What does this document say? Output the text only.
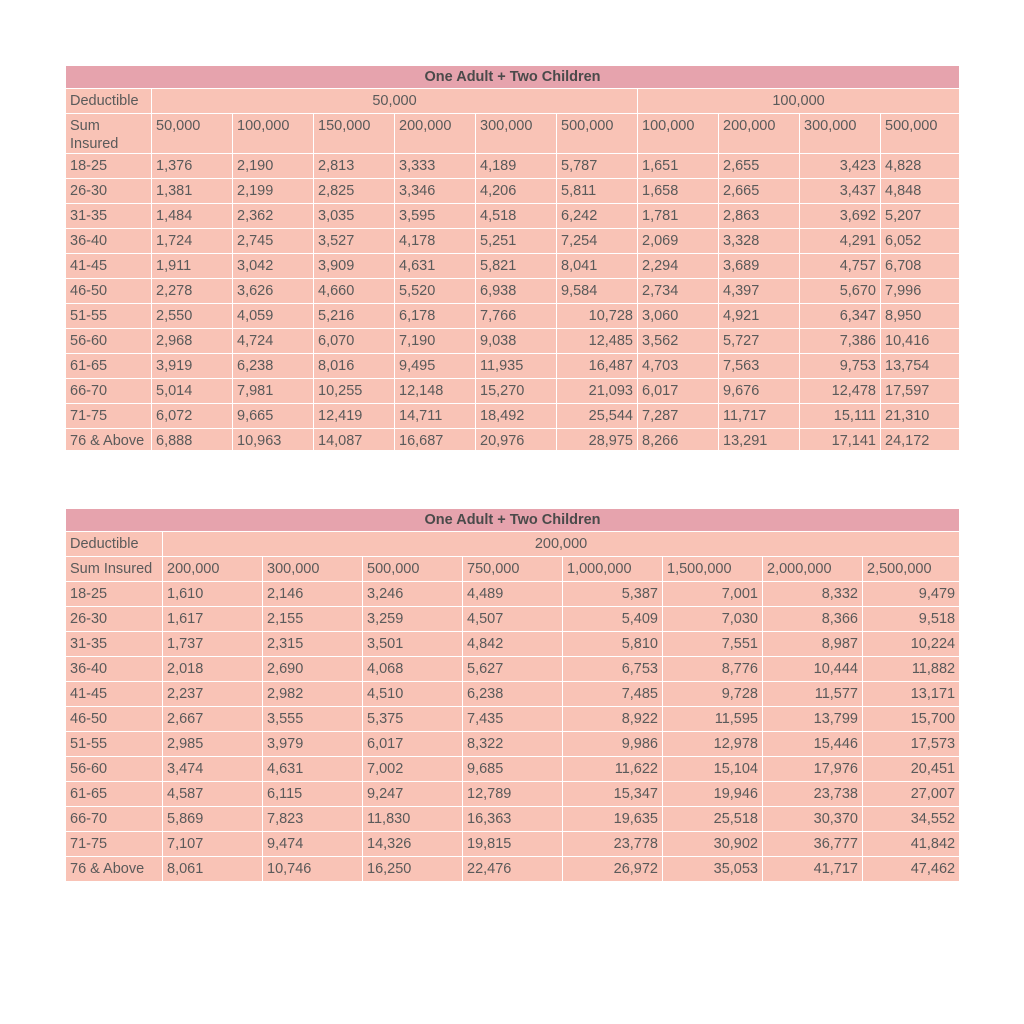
One Adult + Two Children										
Deductible	50,000						100,000			
Sum Insured	50,000	100,000	150,000	200,000	300,000	500,000	100,000	200,000	300,000	500,000
18-25	1,376	2,190	2,813	3,333	4,189	5,787	1,651	2,655	3,423	4,828
26-30	1,381	2,199	2,825	3,346	4,206	5,811	1,658	2,665	3,437	4,848
31-35	1,484	2,362	3,035	3,595	4,518	6,242	1,781	2,863	3,692	5,207
36-40	1,724	2,745	3,527	4,178	5,251	7,254	2,069	3,328	4,291	6,052
41-45	1,911	3,042	3,909	4,631	5,821	8,041	2,294	3,689	4,757	6,708
46-50	2,278	3,626	4,660	5,520	6,938	9,584	2,734	4,397	5,670	7,996
51-55	2,550	4,059	5,216	6,178	7,766	10,728	3,060	4,921	6,347	8,950
56-60	2,968	4,724	6,070	7,190	9,038	12,485	3,562	5,727	7,386	10,416
61-65	3,919	6,238	8,016	9,495	11,935	16,487	4,703	7,563	9,753	13,754
66-70	5,014	7,981	10,255	12,148	15,270	21,093	6,017	9,676	12,478	17,597
71-75	6,072	9,665	12,419	14,711	18,492	25,544	7,287	11,717	15,111	21,310
76 & Above	6,888	10,963	14,087	16,687	20,976	28,975	8,266	13,291	17,141	24,172
One Adult + Two Children								
Deductible	200,000							
Sum Insured	200,000	300,000	500,000	750,000	1,000,000	1,500,000	2,000,000	2,500,000
18-25	1,610	2,146	3,246	4,489	5,387	7,001	8,332	9,479
26-30	1,617	2,155	3,259	4,507	5,409	7,030	8,366	9,518
31-35	1,737	2,315	3,501	4,842	5,810	7,551	8,987	10,224
36-40	2,018	2,690	4,068	5,627	6,753	8,776	10,444	11,882
41-45	2,237	2,982	4,510	6,238	7,485	9,728	11,577	13,171
46-50	2,667	3,555	5,375	7,435	8,922	11,595	13,799	15,700
51-55	2,985	3,979	6,017	8,322	9,986	12,978	15,446	17,573
56-60	3,474	4,631	7,002	9,685	11,622	15,104	17,976	20,451
61-65	4,587	6,115	9,247	12,789	15,347	19,946	23,738	27,007
66-70	5,869	7,823	11,830	16,363	19,635	25,518	30,370	34,552
71-75	7,107	9,474	14,326	19,815	23,778	30,902	36,777	41,842
76 & Above	8,061	10,746	16,250	22,476	26,972	35,053	41,717	47,462
